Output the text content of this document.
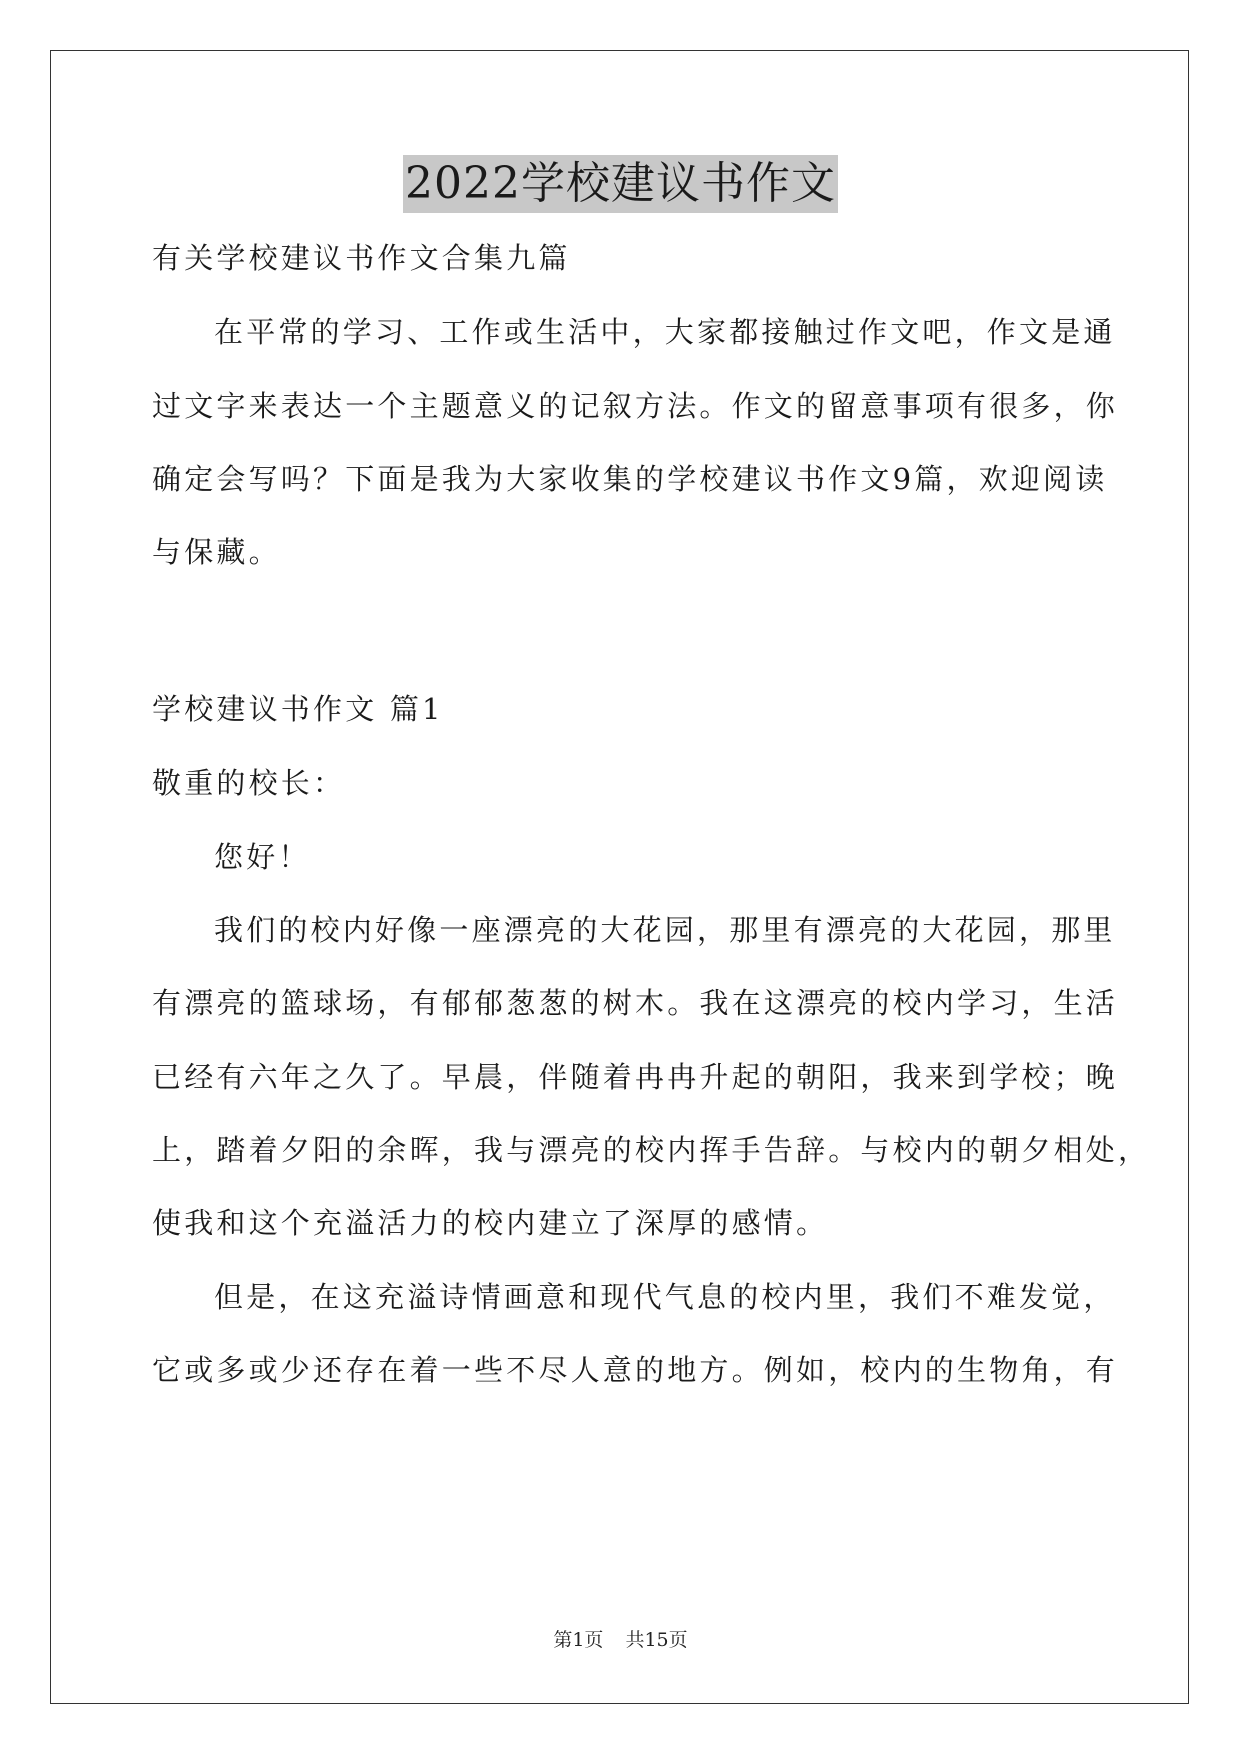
2022学校建议书作文
有关学校建议书作文合集九篇
在平常的学习、工作或生活中，大家都接触过作文吧，作文是通
过文字来表达一个主题意义的记叙方法。作文的留意事项有很多，你
确定会写吗？下面是我为大家收集的学校建议书作文9篇，欢迎阅读
与保藏。
学校建议书作文 篇1
敬重的校长：
您好！
我们的校内好像一座漂亮的大花园，那里有漂亮的大花园，那里
有漂亮的篮球场，有郁郁葱葱的树木。我在这漂亮的校内学习，生活
已经有六年之久了。早晨，伴随着冉冉升起的朝阳，我来到学校；晚
上，踏着夕阳的余晖，我与漂亮的校内挥手告辞。与校内的朝夕相处，
使我和这个充溢活力的校内建立了深厚的感情。
但是，在这充溢诗情画意和现代气息的校内里，我们不难发觉，
它或多或少还存在着一些不尽人意的地方。例如，校内的生物角，有
第1页 共15页
